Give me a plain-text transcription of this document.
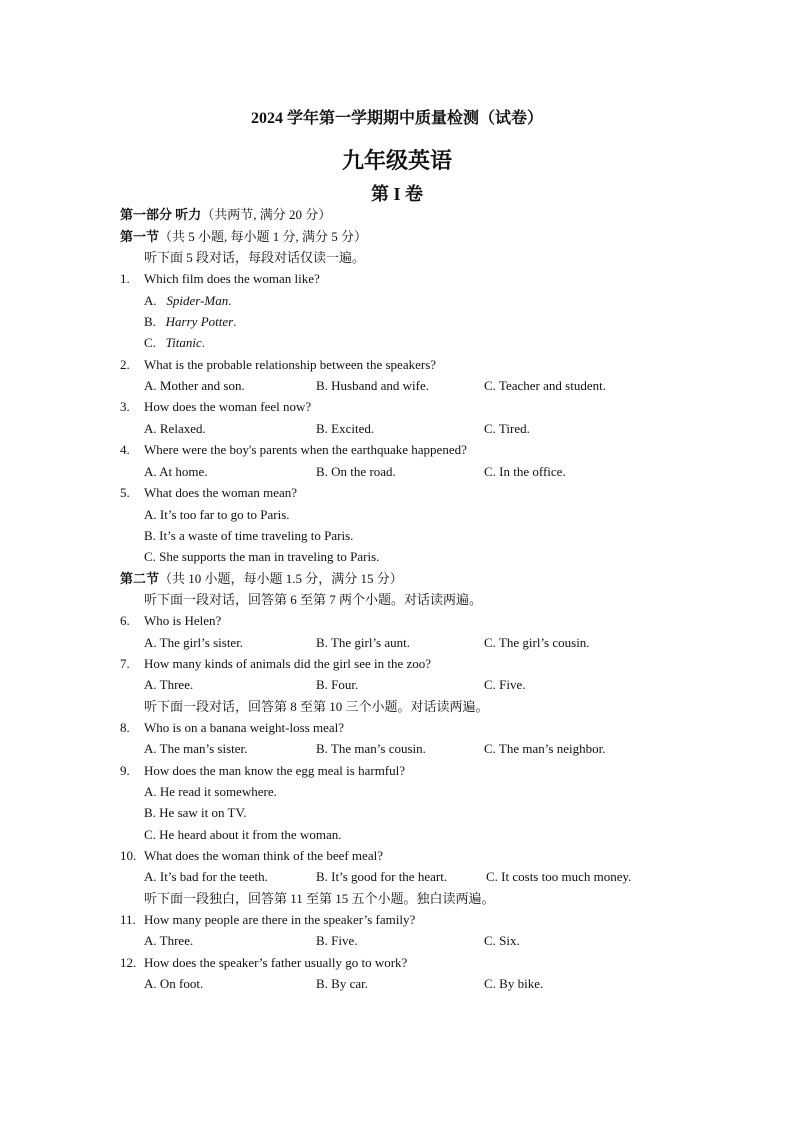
2024 学年第一学期期中质量检测（试卷）
九年级英语
第 I 卷
第一部分 听力（共两节, 满分 20 分）
第一节（共 5 小题, 每小题 1 分, 满分 5 分）
听下面 5 段对话，每段对话仅读一遍。
1. Which film does the woman like?
A. Spider-Man.
B. Harry Potter.
C. Titanic.
2. What is the probable relationship between the speakers?
A. Mother and son.	B. Husband and wife.	C. Teacher and student.
3. How does the woman feel now?
A. Relaxed.	B. Excited.	C. Tired.
4. Where were the boy's parents when the earthquake happened?
A. At home.	B. On the road.	C. In the office.
5. What does the woman mean?
A. It’s too far to go to Paris.
B. It’s a waste of time traveling to Paris.
C. She supports the man in traveling to Paris.
第二节（共 10 小题，每小题 1.5 分，满分 15 分）
听下面一段对话，回答第 6 至第 7 两个小题。对话读两遍。
6. Who is Helen?
A. The girl’s sister.	B. The girl’s aunt.	C. The girl’s cousin.
7. How many kinds of animals did the girl see in the zoo?
A. Three.	B. Four.	C. Five.
听下面一段对话，回答第 8 至第 10 三个小题。对话读两遍。
8. Who is on a banana weight-loss meal?
A. The man’s sister.	B. The man’s cousin.	C. The man’s neighbor.
9. How does the man know the egg meal is harmful?
A. He read it somewhere.
B. He saw it on TV.
C. He heard about it from the woman.
10. What does the woman think of the beef meal?
A. It’s bad for the teeth.	B. It’s good for the heart.	C. It costs too much money.
听下面一段独白，回答第 11 至第 15 五个小题。独白读两遍。
11. How many people are there in the speaker’s family?
A. Three.	B. Five.	C. Six.
12. How does the speaker’s father usually go to work?
A. On foot.	B. By car.	C. By bike.
